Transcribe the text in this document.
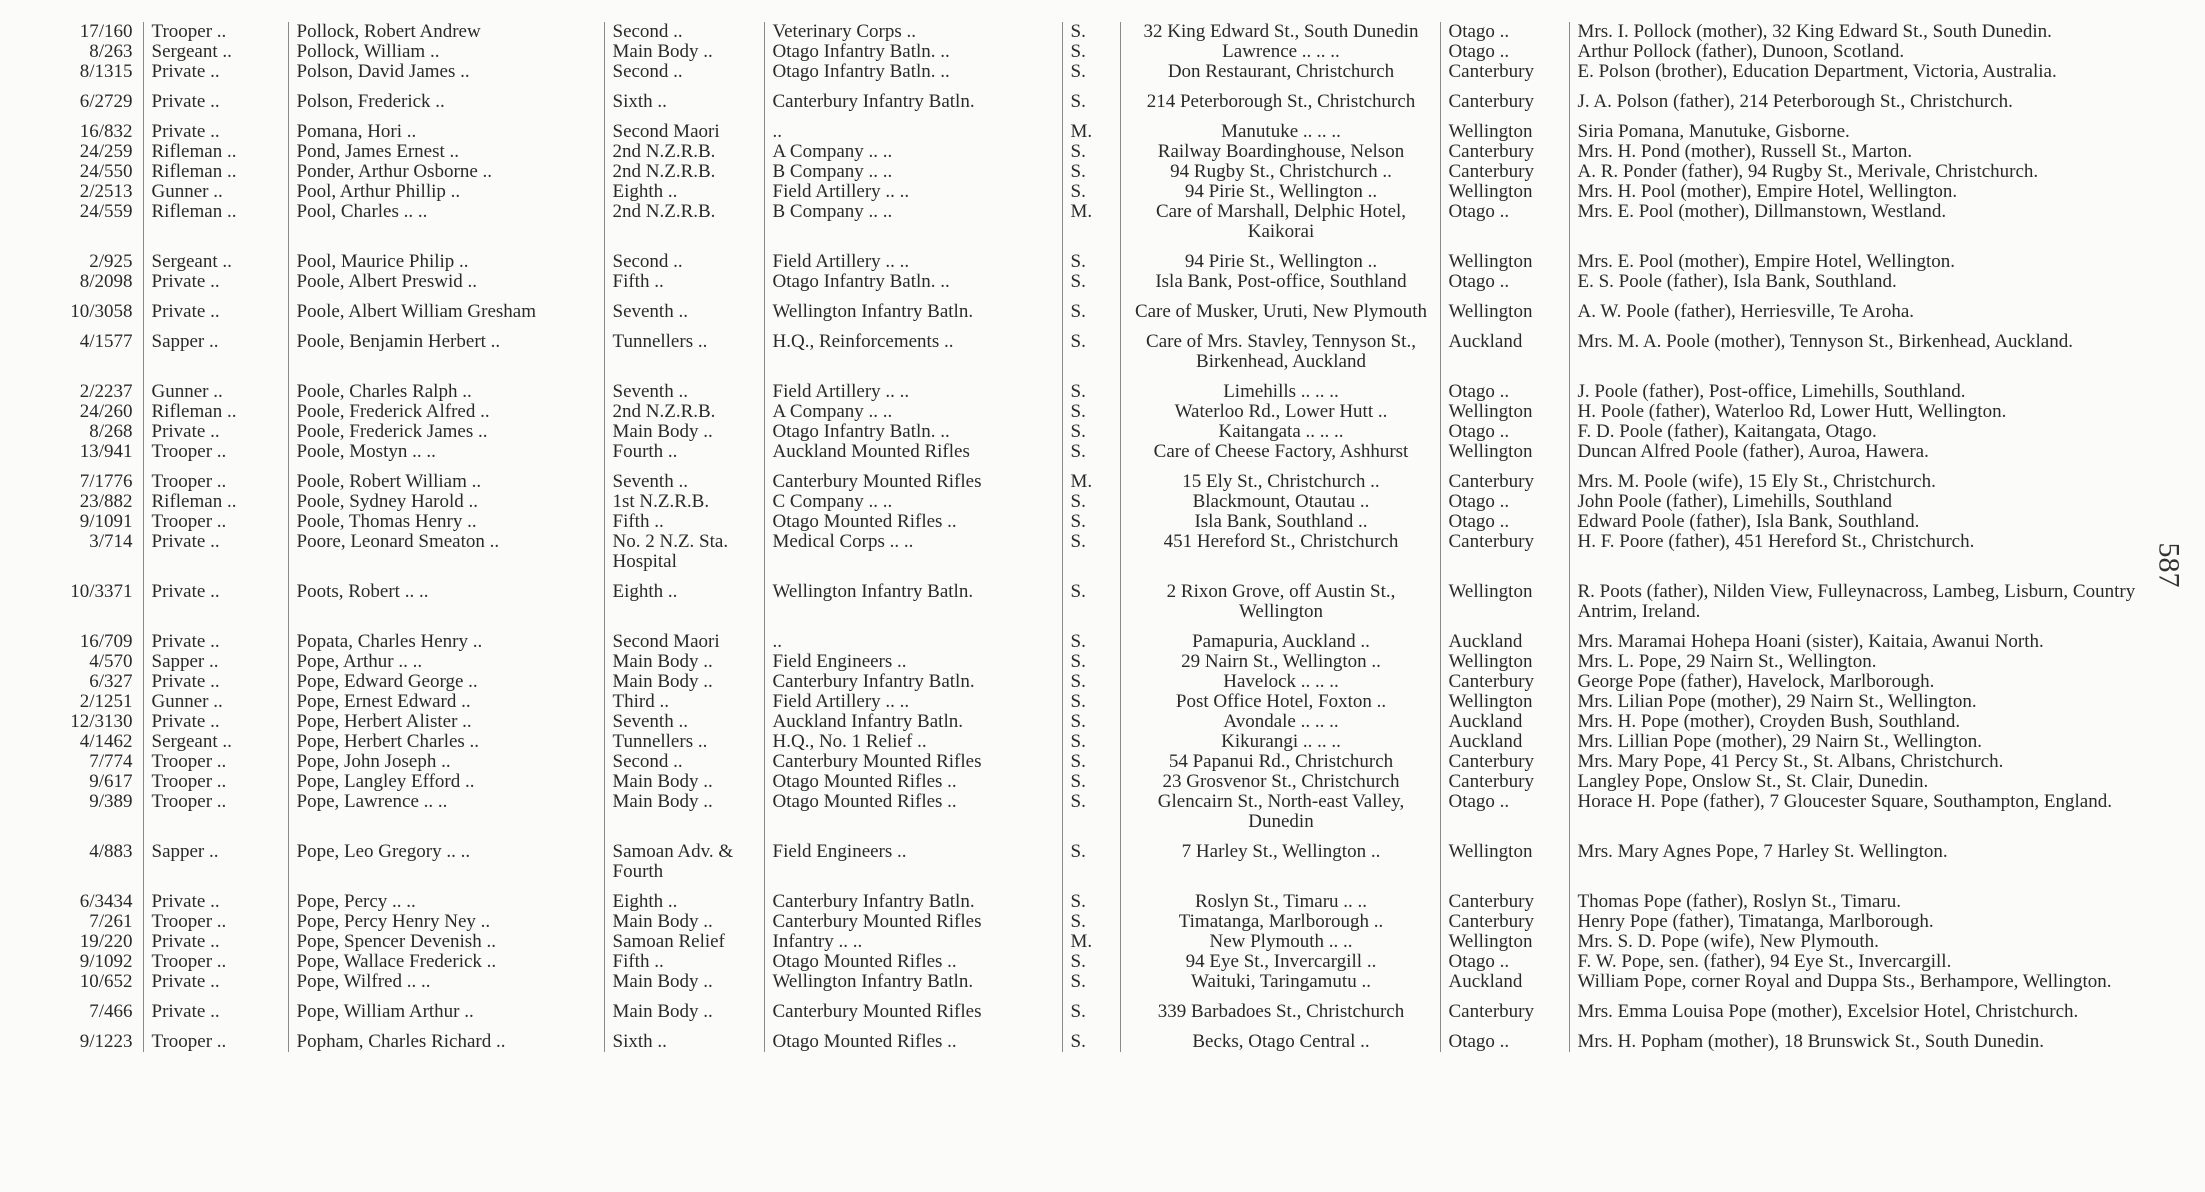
17/160	Trooper ..	Pollock, Robert Andrew	Second ..	Veterinary Corps ..	S.	32 King Edward St., South Dunedin	Otago ..	Mrs. I. Pollock (mother), 32 King Edward St., South Dunedin.
8/263	Sergeant ..	Pollock, William ..	Main Body ..	Otago Infantry Batln. ..	S.	Lawrence .. .. ..	Otago ..	Arthur Pollock (father), Dunoon, Scotland.
8/1315	Private ..	Polson, David James ..	Second ..	Otago Infantry Batln. ..	S.	Don Restaurant, Christchurch	Canterbury	E. Polson (brother), Education Department, Victoria, Australia.
6/2729	Private ..	Polson, Frederick ..	Sixth ..	Canterbury Infantry Batln.	S.	214 Peterborough St., Christchurch	Canterbury	J. A. Polson (father), 214 Peterborough St., Christchurch.
16/832	Private ..	Pomana, Hori ..	Second Maori	..	M.	Manutuke .. .. ..	Wellington	Siria Pomana, Manutuke, Gisborne.
24/259	Rifleman ..	Pond, James Ernest ..	2nd N.Z.R.B.	A Company .. ..	S.	Railway Boardinghouse, Nelson	Canterbury	Mrs. H. Pond (mother), Russell St., Marton.
24/550	Rifleman ..	Ponder, Arthur Osborne ..	2nd N.Z.R.B.	B Company .. ..	S.	94 Rugby St., Christchurch ..	Canterbury	A. R. Ponder (father), 94 Rugby St., Merivale, Christchurch.
2/2513	Gunner ..	Pool, Arthur Phillip ..	Eighth ..	Field Artillery .. ..	S.	94 Pirie St., Wellington ..	Wellington	Mrs. H. Pool (mother), Empire Hotel, Wellington.
24/559	Rifleman ..	Pool, Charles .. ..	2nd N.Z.R.B.	B Company .. ..	M.	Care of Marshall, Delphic Hotel, Kaikorai	Otago ..	Mrs. E. Pool (mother), Dillmanstown, Westland.
2/925	Sergeant ..	Pool, Maurice Philip ..	Second ..	Field Artillery .. ..	S.	94 Pirie St., Wellington ..	Wellington	Mrs. E. Pool (mother), Empire Hotel, Wellington.
8/2098	Private ..	Poole, Albert Preswid ..	Fifth ..	Otago Infantry Batln. ..	S.	Isla Bank, Post-office, Southland	Otago ..	E. S. Poole (father), Isla Bank, Southland.
10/3058	Private ..	Poole, Albert William Gresham	Seventh ..	Wellington Infantry Batln.	S.	Care of Musker, Uruti, New Plymouth	Wellington	A. W. Poole (father), Herriesville, Te Aroha.
4/1577	Sapper ..	Poole, Benjamin Herbert ..	Tunnellers ..	H.Q., Reinforcements ..	S.	Care of Mrs. Stavley, Tennyson St., Birkenhead, Auckland	Auckland	Mrs. M. A. Poole (mother), Tennyson St., Birkenhead, Auckland.
2/2237	Gunner ..	Poole, Charles Ralph ..	Seventh ..	Field Artillery .. ..	S.	Limehills .. .. ..	Otago ..	J. Poole (father), Post-office, Limehills, Southland.
24/260	Rifleman ..	Poole, Frederick Alfred ..	2nd N.Z.R.B.	A Company .. ..	S.	Waterloo Rd., Lower Hutt ..	Wellington	H. Poole (father), Waterloo Rd, Lower Hutt, Wellington.
8/268	Private ..	Poole, Frederick James ..	Main Body ..	Otago Infantry Batln. ..	S.	Kaitangata .. .. ..	Otago ..	F. D. Poole (father), Kaitangata, Otago.
13/941	Trooper ..	Poole, Mostyn .. ..	Fourth ..	Auckland Mounted Rifles	S.	Care of Cheese Factory, Ashhurst	Wellington	Duncan Alfred Poole (father), Auroa, Hawera.
7/1776	Trooper ..	Poole, Robert William ..	Seventh ..	Canterbury Mounted Rifles	M.	15 Ely St., Christchurch ..	Canterbury	Mrs. M. Poole (wife), 15 Ely St., Christchurch.
23/882	Rifleman ..	Poole, Sydney Harold ..	1st N.Z.R.B.	C Company .. ..	S.	Blackmount, Otautau ..	Otago ..	John Poole (father), Limehills, Southland
9/1091	Trooper ..	Poole, Thomas Henry ..	Fifth ..	Otago Mounted Rifles ..	S.	Isla Bank, Southland ..	Otago ..	Edward Poole (father), Isla Bank, Southland.
3/714	Private ..	Poore, Leonard Smeaton ..	No. 2 N.Z. Sta. Hospital	Medical Corps .. ..	S.	451 Hereford St., Christchurch	Canterbury	H. F. Poore (father), 451 Hereford St., Christchurch.
10/3371	Private ..	Poots, Robert .. ..	Eighth ..	Wellington Infantry Batln.	S.	2 Rixon Grove, off Austin St., Wellington	Wellington	R. Poots (father), Nilden View, Fulleynacross, Lambeg, Lisburn, Country Antrim, Ireland.
16/709	Private ..	Popata, Charles Henry ..	Second Maori	..	S.	Pamapuria, Auckland ..	Auckland	Mrs. Maramai Hohepa Hoani (sister), Kaitaia, Awanui North.
4/570	Sapper ..	Pope, Arthur .. ..	Main Body ..	Field Engineers ..	S.	29 Nairn St., Wellington ..	Wellington	Mrs. L. Pope, 29 Nairn St., Wellington.
6/327	Private ..	Pope, Edward George ..	Main Body ..	Canterbury Infantry Batln.	S.	Havelock .. .. ..	Canterbury	George Pope (father), Havelock, Marlborough.
2/1251	Gunner ..	Pope, Ernest Edward ..	Third ..	Field Artillery .. ..	S.	Post Office Hotel, Foxton ..	Wellington	Mrs. Lilian Pope (mother), 29 Nairn St., Wellington.
12/3130	Private ..	Pope, Herbert Alister ..	Seventh ..	Auckland Infantry Batln.	S.	Avondale .. .. ..	Auckland	Mrs. H. Pope (mother), Croyden Bush, Southland.
4/1462	Sergeant ..	Pope, Herbert Charles ..	Tunnellers ..	H.Q., No. 1 Relief ..	S.	Kikurangi .. .. ..	Auckland	Mrs. Lillian Pope (mother), 29 Nairn St., Wellington.
7/774	Trooper ..	Pope, John Joseph ..	Second ..	Canterbury Mounted Rifles	S.	54 Papanui Rd., Christchurch	Canterbury	Mrs. Mary Pope, 41 Percy St., St. Albans, Christchurch.
9/617	Trooper ..	Pope, Langley Efford ..	Main Body ..	Otago Mounted Rifles ..	S.	23 Grosvenor St., Christchurch	Canterbury	Langley Pope, Onslow St., St. Clair, Dunedin.
9/389	Trooper ..	Pope, Lawrence .. ..	Main Body ..	Otago Mounted Rifles ..	S.	Glencairn St., North-east Valley, Dunedin	Otago ..	Horace H. Pope (father), 7 Gloucester Square, Southampton, England.
4/883	Sapper ..	Pope, Leo Gregory .. ..	Samoan Adv. & Fourth	Field Engineers ..	S.	7 Harley St., Wellington ..	Wellington	Mrs. Mary Agnes Pope, 7 Harley St. Wellington.
6/3434	Private ..	Pope, Percy .. ..	Eighth ..	Canterbury Infantry Batln.	S.	Roslyn St., Timaru .. ..	Canterbury	Thomas Pope (father), Roslyn St., Timaru.
7/261	Trooper ..	Pope, Percy Henry Ney ..	Main Body ..	Canterbury Mounted Rifles	S.	Timatanga, Marlborough ..	Canterbury	Henry Pope (father), Timatanga, Marlborough.
19/220	Private ..	Pope, Spencer Devenish ..	Samoan Relief	Infantry .. ..	M.	New Plymouth .. ..	Wellington	Mrs. S. D. Pope (wife), New Plymouth.
9/1092	Trooper ..	Pope, Wallace Frederick ..	Fifth ..	Otago Mounted Rifles ..	S.	94 Eye St., Invercargill ..	Otago ..	F. W. Pope, sen. (father), 94 Eye St., Invercargill.
10/652	Private ..	Pope, Wilfred .. ..	Main Body ..	Wellington Infantry Batln.	S.	Waituki, Taringamutu ..	Auckland	William Pope, corner Royal and Duppa Sts., Berhampore, Wellington.
7/466	Private ..	Pope, William Arthur ..	Main Body ..	Canterbury Mounted Rifles	S.	339 Barbadoes St., Christchurch	Canterbury	Mrs. Emma Louisa Pope (mother), Excelsior Hotel, Christchurch.
9/1223	Trooper ..	Popham, Charles Richard ..	Sixth ..	Otago Mounted Rifles ..	S.	Becks, Otago Central ..	Otago ..	Mrs. H. Popham (mother), 18 Brunswick St., South Dunedin.
587
